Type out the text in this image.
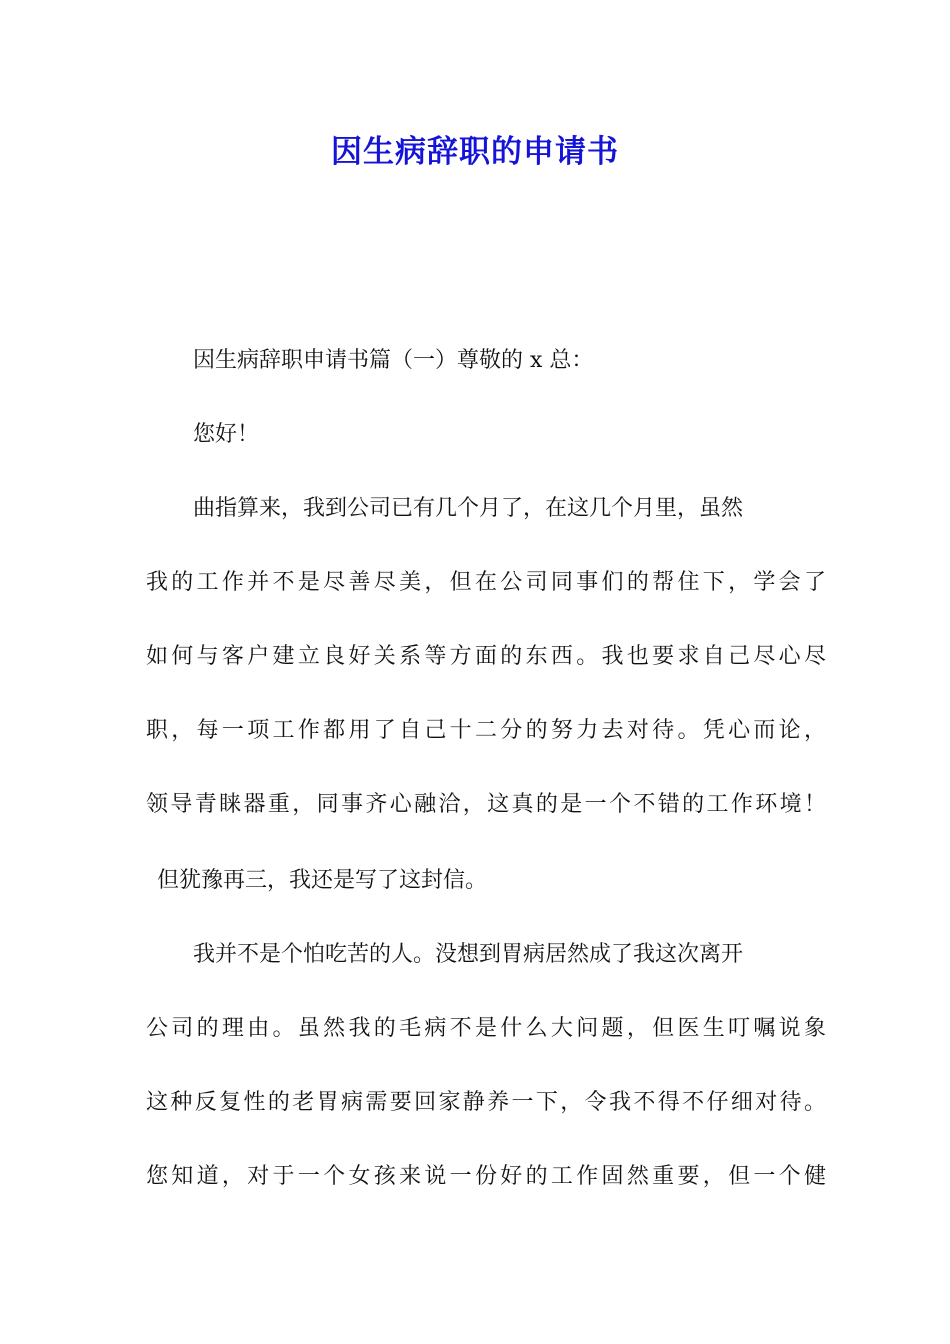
因生病辞职的申请书
因生病辞职申请书篇（一）尊敬的 x 总：
您好！
曲指算来，我到公司已有几个月了，在这几个月里，虽然
我的工作并不是尽善尽美，但在公司同事们的帮住下，学会了
如何与客户建立良好关系等方面的东西。我也要求自己尽心尽
职，每一项工作都用了自己十二分的努力去对待。凭心而论，
领导青睐器重，同事齐心融洽，这真的是一个不错的工作环境！
但犹豫再三，我还是写了这封信。
我并不是个怕吃苦的人。没想到胃病居然成了我这次离开
公司的理由。虽然我的毛病不是什么大问题，但医生叮嘱说象
这种反复性的老胃病需要回家静养一下，令我不得不仔细对待。
您知道，对于一个女孩来说一份好的工作固然重要，但一个健
